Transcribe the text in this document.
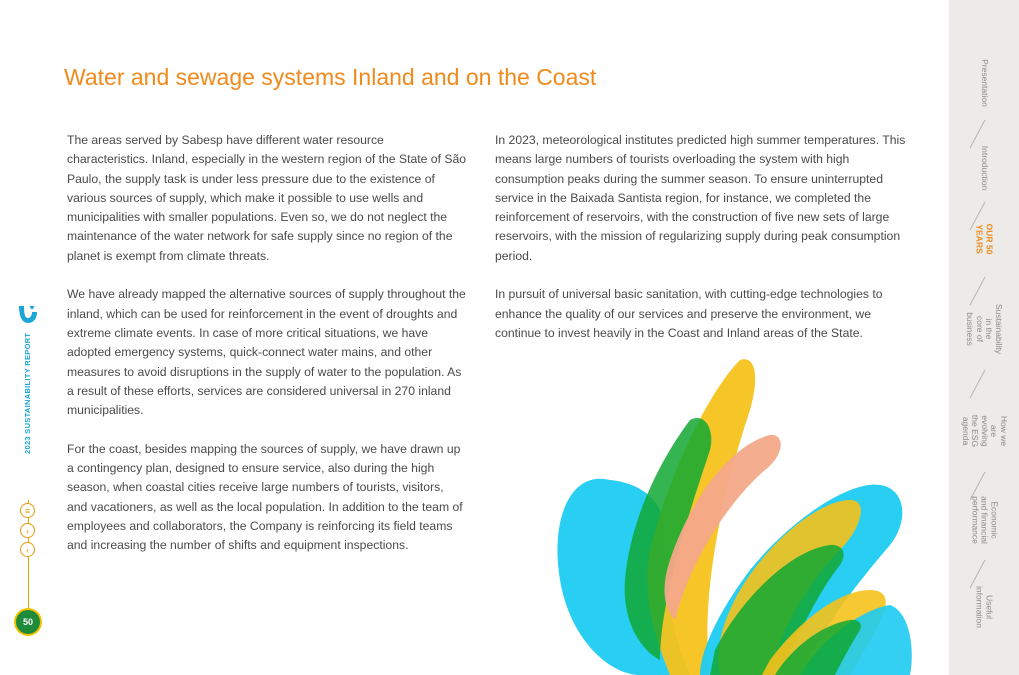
Water and sewage systems Inland and on the Coast

The areas served by Sabesp have different water resource characteristics. Inland, especially in the western region of the State of São Paulo, the supply task is under less pressure due to the existence of various sources of supply, which make it possible to use wells and municipalities with smaller populations. Even so, we do not neglect the maintenance of the water network for safe supply since no region of the planet is exempt from climate threats.

We have already mapped the alternative sources of supply throughout the inland, which can be used for reinforcement in the event of droughts and extreme climate events. In case of more critical situations, we have adopted emergency systems, quick-connect water mains, and other measures to avoid disruptions in the supply of water to the population. As a result of these efforts, services are considered universal in 270 inland municipalities.

For the coast, besides mapping the sources of supply, we have drawn up a contingency plan, designed to ensure service, also during the high season, when coastal cities receive large numbers of tourists, visitors, and vacationers, as well as the local population. In addition to the team of employees and collaborators, the Company is reinforcing its field teams and increasing the number of shifts and equipment inspections.

In 2023, meteorological institutes predicted high summer temperatures. This means large numbers of tourists overloading the system with high consumption peaks during the summer season. To ensure uninterrupted service in the Baixada Santista region, for instance, we completed the reinforcement of reservoirs, with the construction of five new sets of large reservoirs, with the mission of regularizing supply during peak consumption period.

In pursuit of universal basic sanitation, with cutting-edge technologies to enhance the quality of our services and preserve the environment, we continue to invest heavily in the Coast and Inland areas of the State.

2023 SUSTAINABILITY REPORT
≡
›
‹
50
Presentation
Introduction
OUR 50
YEARS
Sustainability in the
core of business
How we are
evolving the ESG
agenda
Economic
and financial
performance
Useful
information
